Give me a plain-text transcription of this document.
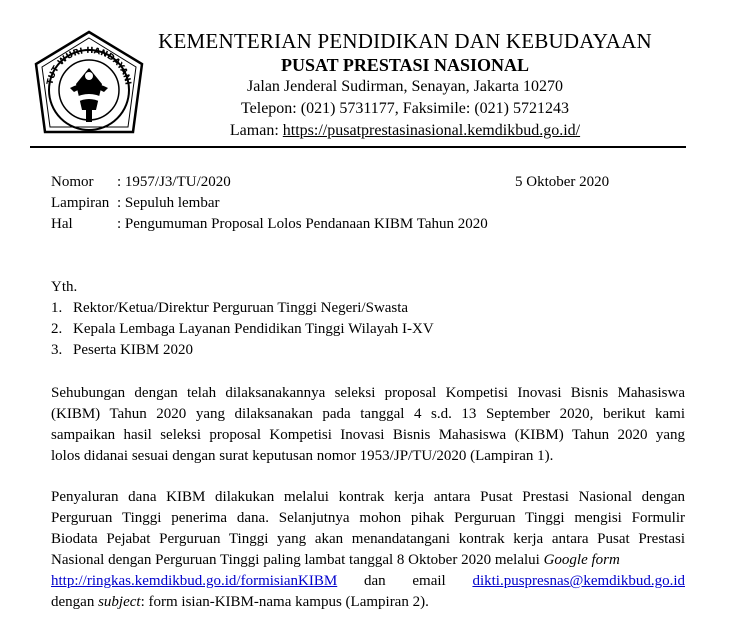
TUT WURI HANDAYANI
KEMENTERIAN PENDIDIKAN DAN KEBUDAYAAN
PUSAT PRESTASI NASIONAL
Jalan Jenderal Sudirman, Senayan, Jakarta 10270
Telepon: (021) 5731177, Faksimile: (021) 5721243
Laman: https://pusatprestasinasional.kemdikbud.go.id/
Nomor : 1957/J3/TU/2020	5 Oktober 2020
Lampiran : Sepuluh lembar
Hal	: Pengumuman Proposal Lolos Pendanaan KIBM Tahun 2020
Yth.
1. Rektor/Ketua/Direktur Perguruan Tinggi Negeri/Swasta
2. Kepala Lembaga Layanan Pendidikan Tinggi Wilayah I-XV
3. Peserta KIBM 2020
Sehubungan dengan telah dilaksanakannya seleksi proposal Kompetisi Inovasi Bisnis Mahasiswa
(KIBM) Tahun 2020 yang dilaksanakan pada tanggal 4 s.d. 13 September 2020, berikut kami
sampaikan hasil seleksi proposal Kompetisi Inovasi Bisnis Mahasiswa (KIBM) Tahun 2020 yang
lolos didanai sesuai dengan surat keputusan nomor 1953/JP/TU/2020 (Lampiran 1).
Penyaluran dana KIBM dilakukan melalui kontrak kerja antara Pusat Prestasi Nasional dengan
Perguruan Tinggi penerima dana. Selanjutnya mohon pihak Perguruan Tinggi mengisi Formulir
Biodata Pejabat Perguruan Tinggi yang akan menandatangani kontrak kerja antara Pusat Prestasi
Nasional dengan Perguruan Tinggi paling lambat tanggal 8 Oktober 2020 melalui Google form
http://ringkas.kemdikbud.go.id/formisianKIBM dan email dikti.puspresnas@kemdikbud.go.id
dengan subject: form isian-KIBM-nama kampus (Lampiran 2).
